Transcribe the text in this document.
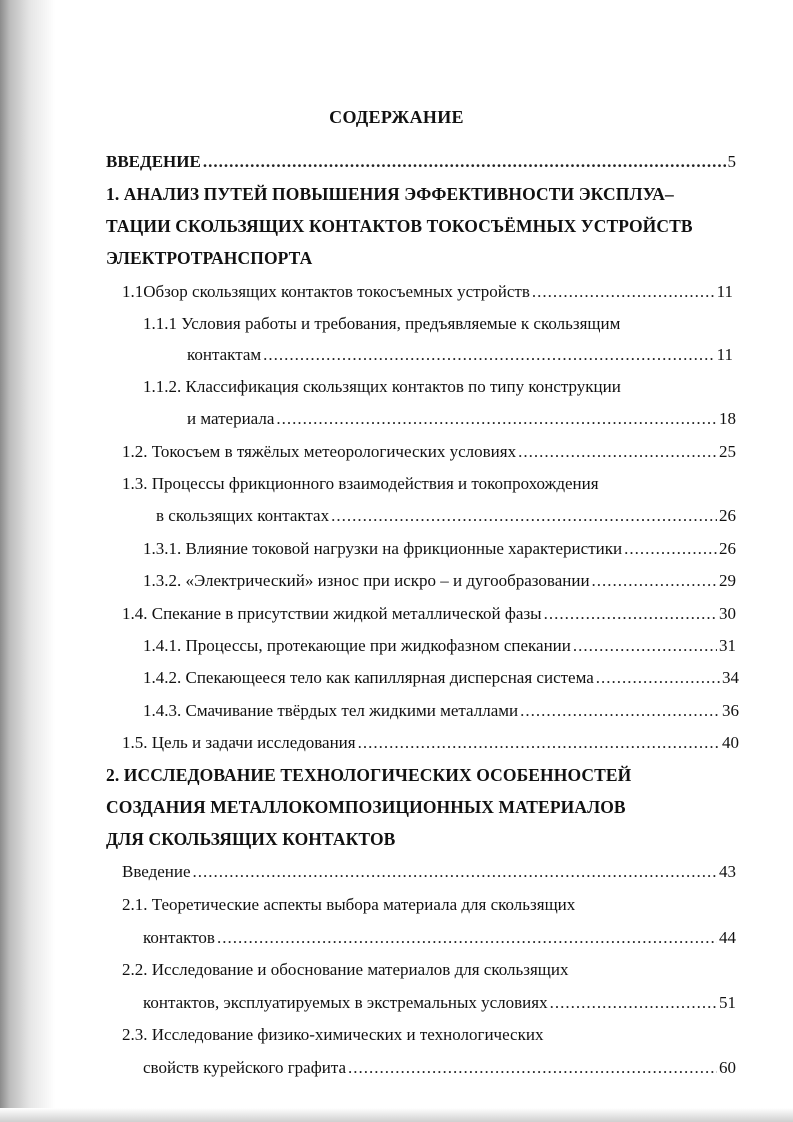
СОДЕРЖАНИЕ
ВВЕДЕНИЕ .....	5
1. АНАЛИЗ ПУТЕЙ ПОВЫШЕНИЯ ЭФФЕКТИВНОСТИ ЭКСПЛУА–
ТАЦИИ СКОЛЬЗЯЩИХ КОНТАКТОВ ТОКОСЪЁМНЫХ УСТРОЙСТВ
ЭЛЕКТРОТРАНСПОРТА
1.1Обзор скользящих контактов токосъемных устройств .....	11
1.1.1 Условия работы и требования, предъявляемые к скользящим
контактам .....	11
1.1.2. Классификация скользящих контактов по типу конструкции
и материала .....	18
1.2. Токосъем в тяжёлых метеорологических условиях .....	25
1.3. Процессы фрикционного взаимодействия и токопрохождения
в скользящих контактах .....	26
1.3.1. Влияние токовой нагрузки на фрикционные характеристики .....	26
1.3.2. «Электрический» износ при искро – и дугообразовании .....	29
1.4. Спекание в присутствии жидкой металлической фазы .....	30
1.4.1. Процессы, протекающие при жидкофазном спекании .....	31
1.4.2. Спекающееся тело как капиллярная дисперсная система .....	34
1.4.3. Смачивание твёрдых тел жидкими металлами .....	36
1.5. Цель и задачи исследования .....	40
2. ИССЛЕДОВАНИЕ ТЕХНОЛОГИЧЕСКИХ ОСОБЕННОСТЕЙ
СОЗДАНИЯ МЕТАЛЛОКОМПОЗИЦИОННЫХ МАТЕРИАЛОВ
ДЛЯ СКОЛЬЗЯЩИХ КОНТАКТОВ
Введение .....	43
2.1. Теоретические аспекты выбора материала для скользящих
контактов .....	44
2.2. Исследование и обоснование материалов для скользящих
контактов, эксплуатируемых в экстремальных условиях .....	51
2.3. Исследование физико-химических и технологических
свойств курейского графита .....	60
